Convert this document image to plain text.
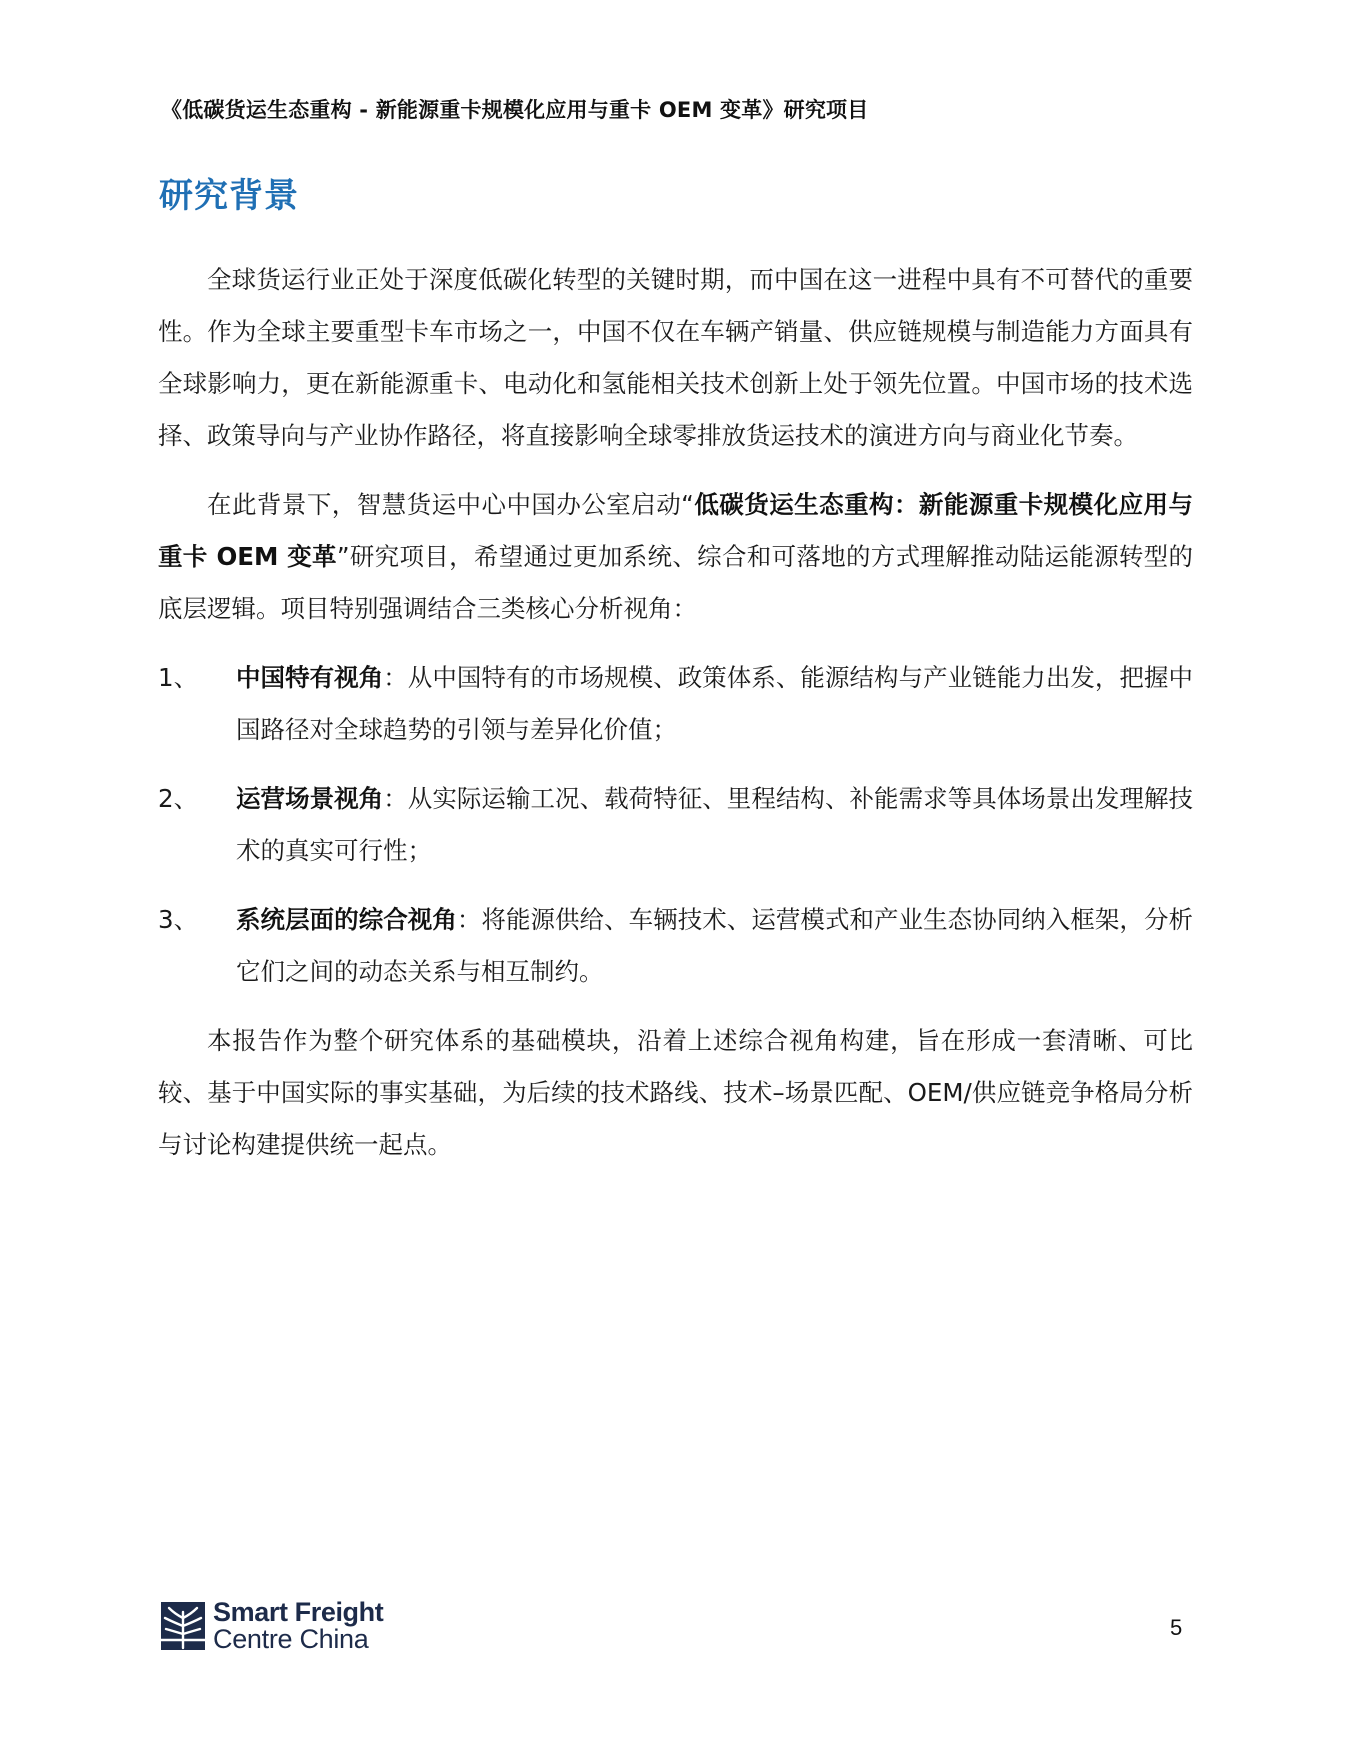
《低碳货运生态重构 - 新能源重卡规模化应用与重卡 OEM 变革》研究项目
研究背景

全球货运行业正处于深度低碳化转型的关键时期，而中国在这一进程中具有不可替代的重要性。作为全球主要重型卡车市场之一，中国不仅在车辆产销量、供应链规模与制造能力方面具有全球影响力，更在新能源重卡、电动化和氢能相关技术创新上处于领先位置。中国市场的技术选择、政策导向与产业协作路径，将直接影响全球零排放货运技术的演进方向与商业化节奏。

在此背景下，智慧货运中心中国办公室启动“低碳货运生态重构：新能源重卡规模化应用与重卡 OEM 变革”研究项目，希望通过更加系统、综合和可落地的方式理解推动陆运能源转型的底层逻辑。项目特别强调结合三类核心分析视角：

1、	中国特有视角：从中国特有的市场规模、政策体系、能源结构与产业链能力出发，把握中国路径对全球趋势的引领与差异化价值；
2、	运营场景视角：从实际运输工况、载荷特征、里程结构、补能需求等具体场景出发理解技术的真实可行性；
3、	系统层面的综合视角：将能源供给、车辆技术、运营模式和产业生态协同纳入框架，分析它们之间的动态关系与相互制约。

本报告作为整个研究体系的基础模块，沿着上述综合视角构建，旨在形成一套清晰、可比较、基于中国实际的事实基础，为后续的技术路线、技术–场景匹配、OEM/供应链竞争格局分析与讨论构建提供统一起点。

Smart Freight
Centre China	5
